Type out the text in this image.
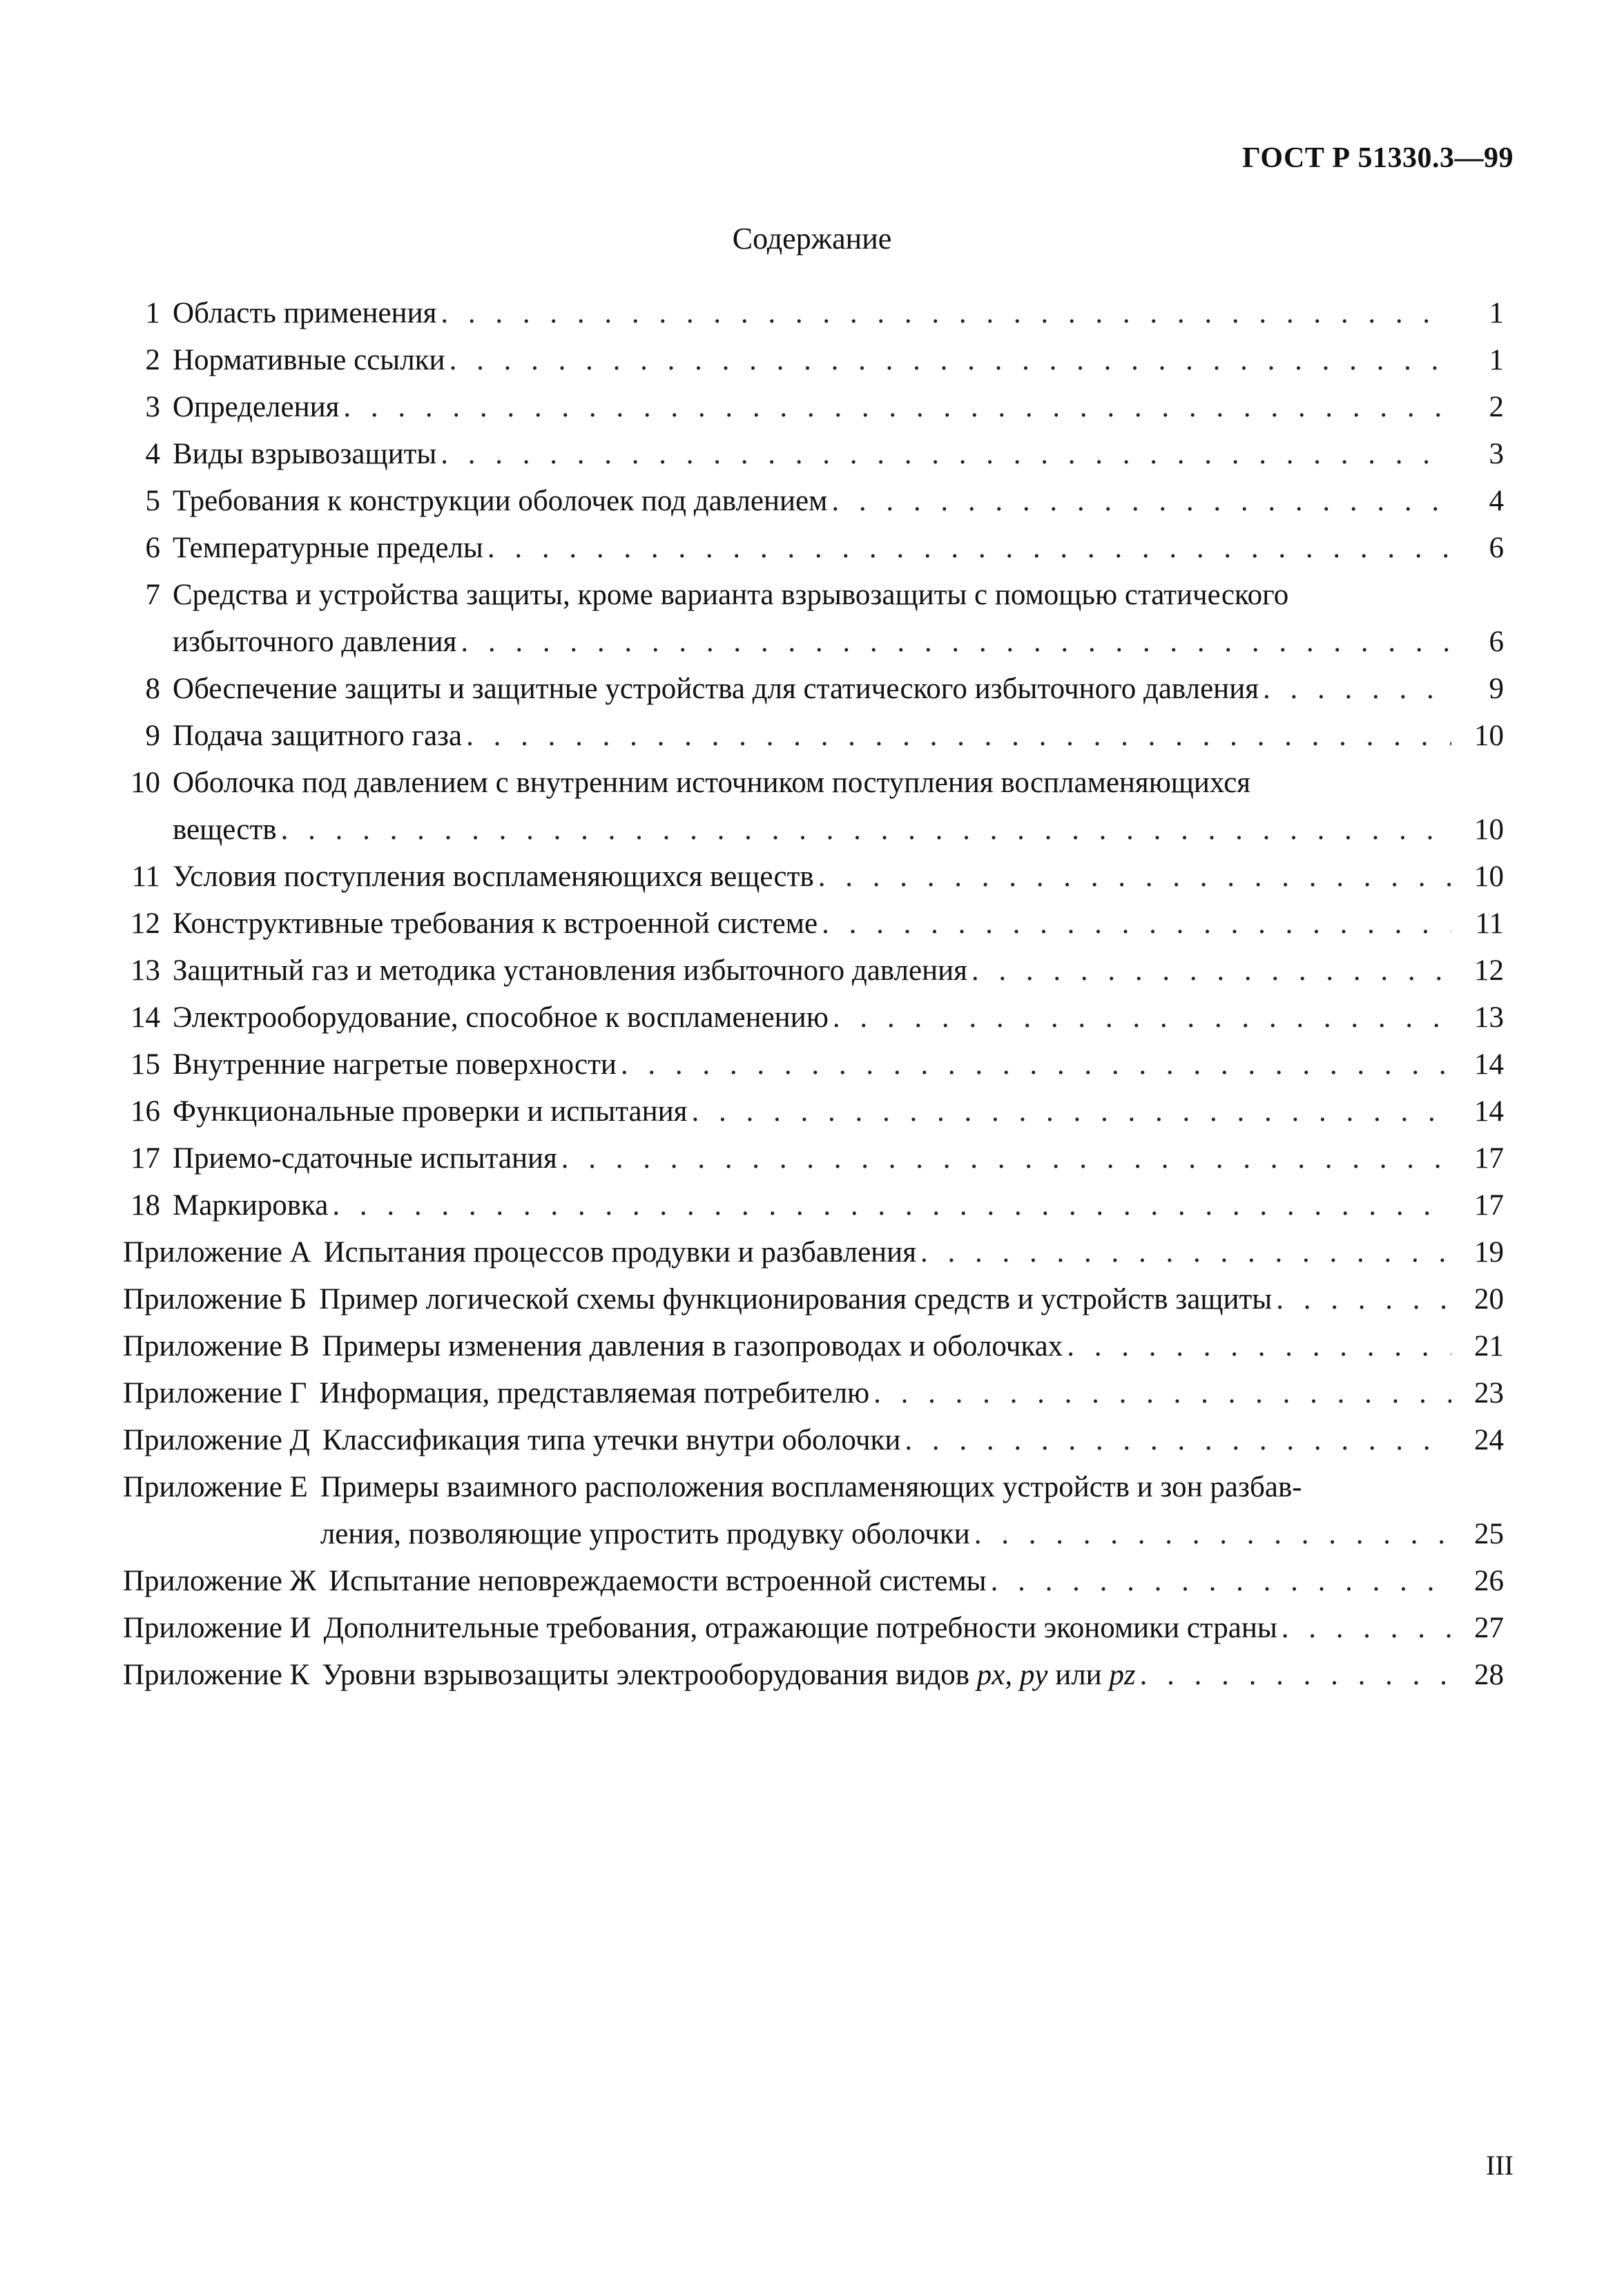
ГОСТ Р 51330.3—99
Содержание
1 Область применения . . .	1
2 Нормативные ссылки . . .	1
3 Определения . . .	2
4 Виды взрывозащиты . . .	3
5 Требования к конструкции оболочек под давлением . . .	4
6 Температурные пределы . . .	6
7 Средства и устройства защиты, кроме варианта взрывозащиты с помощью статического
избыточного давления . . .	6
8 Обеспечение защиты и защитные устройства для статического избыточного давления . . .	9
9 Подача защитного газа . . .	10
10 Оболочка под давлением с внутренним источником поступления воспламеняющихся
веществ . . .	10
11 Условия поступления воспламеняющихся веществ . . .	10
12 Конструктивные требования к встроенной системе . . .	11
13 Защитный газ и методика установления избыточного давления . . .	12
14 Электрооборудование, способное к воспламенению . . .	13
15 Внутренние нагретые поверхности . . .	14
16 Функциональные проверки и испытания . . .	14
17 Приемо-сдаточные испытания . . .	17
18 Маркировка . . .	17
Приложение А Испытания процессов продувки и разбавления . . .	19
Приложение Б Пример логической схемы функционирования средств и устройств защиты . . .	20
Приложение В Примеры изменения давления в газопроводах и оболочках . . .	21
Приложение Г Информация, представляемая потребителю . . .	23
Приложение Д Классификация типа утечки внутри оболочки . . .	24
Приложение Е Примеры взаимного расположения воспламеняющих устройств и зон разбав-
ления, позволяющие упростить продувку оболочки . . .	25
Приложение Ж Испытание неповреждаемости встроенной системы . . .	26
Приложение И Дополнительные требования, отражающие потребности экономики страны . . .	27
Приложение К Уровни взрывозащиты электрооборудования видов px, py или pz . . .	28
III
